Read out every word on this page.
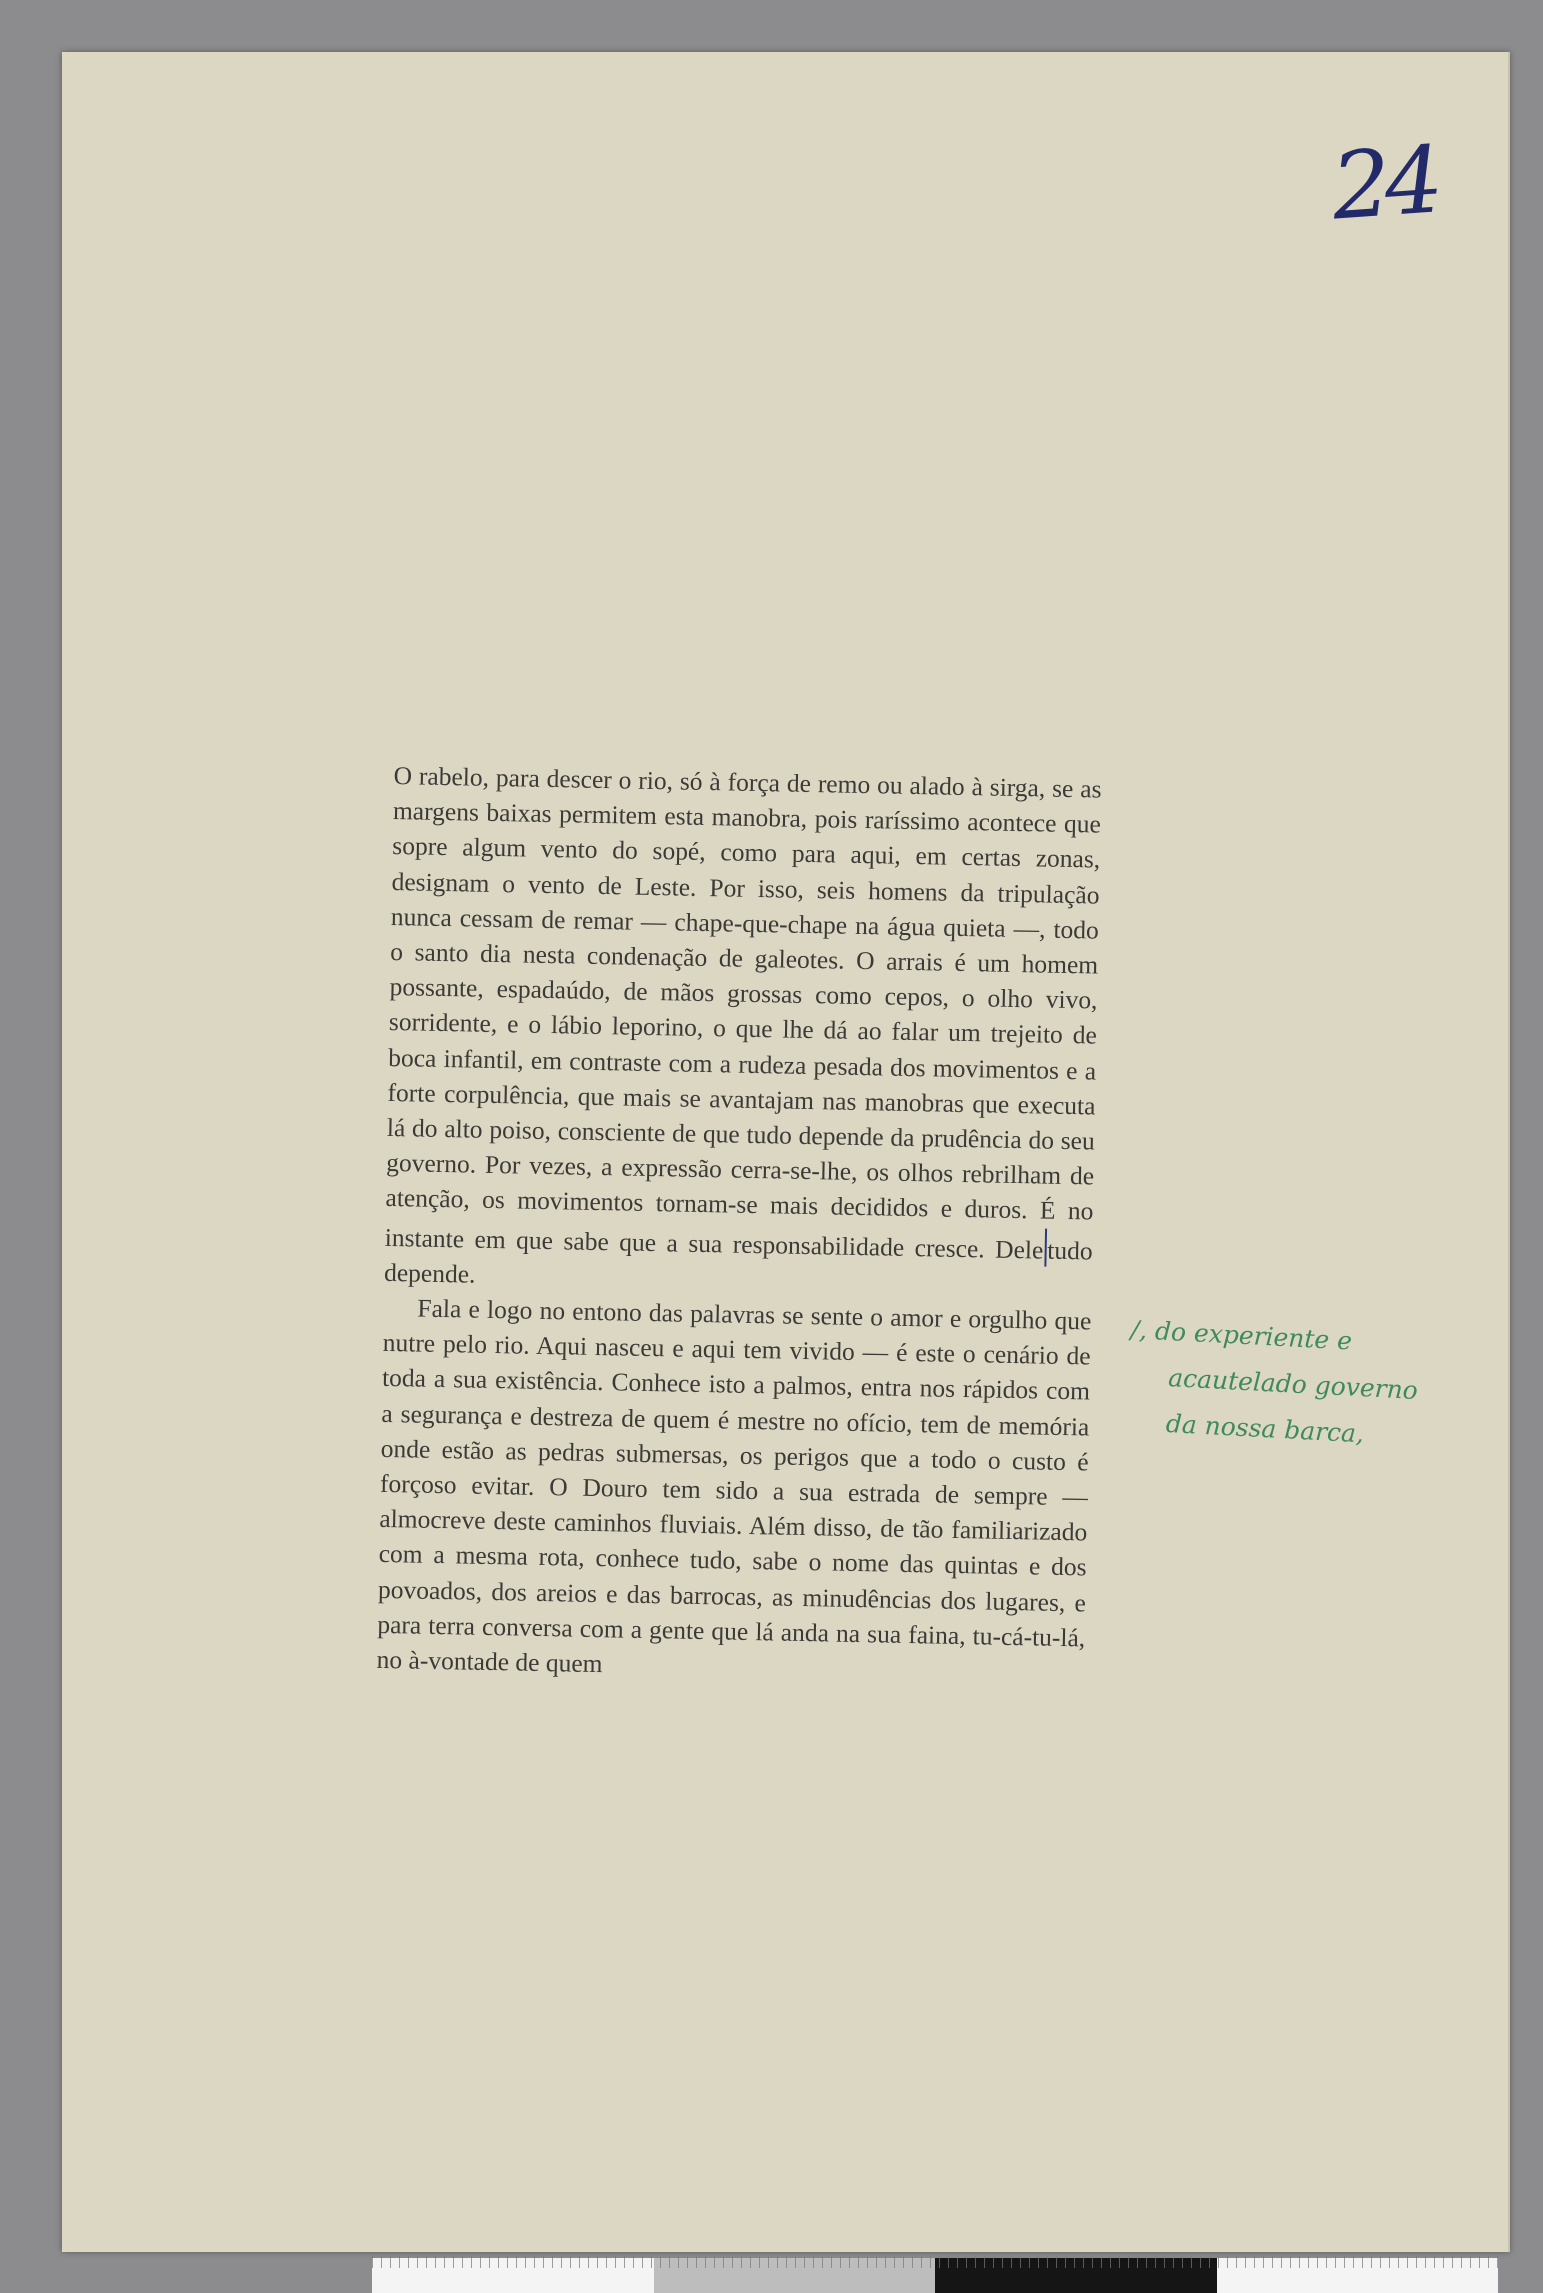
24

O rabelo, para descer o rio, só à força de remo ou alado à sirga, se as margens baixas permitem esta manobra, pois raríssimo acontece que sopre algum vento do sopé, como para aqui, em certas zonas, designam o vento de Leste. Por isso, seis homens da tripulação nunca cessam de remar — chape-que-chape na água quieta —, todo o santo dia nesta condenação de galeotes. O arrais é um homem possante, espadaúdo, de mãos grossas como cepos, o olho vivo, sorridente, e o lábio leporino, o que lhe dá ao falar um trejeito de boca infantil, em contraste com a rudeza pesada dos movimentos e a forte corpulência, que mais se avantajam nas manobras que executa lá do alto poiso, consciente de que tudo depende da prudência do seu governo. Por vezes, a expressão cerra-se-lhe, os olhos rebrilham de atenção, os movimentos tornam-se mais decididos e duros. É no instante em que sabe que a sua responsabilidade cresce. Dele tudo depende.

Fala e logo no entono das palavras se sente o amor e orgulho que nutre pelo rio. Aqui nasceu e aqui tem vivido — é este o cenário de toda a sua existência. Conhece isto a palmos, entra nos rápidos com a segurança e destreza de quem é mestre no ofício, tem de memória onde estão as pedras submersas, os perigos que a todo o custo é forçoso evitar. O Douro tem sido a sua estrada de sempre — almocreve deste caminhos fluviais. Além disso, de tão familiarizado com a mesma rota, conhece tudo, sabe o nome das quintas e dos povoados, dos areios e das barrocas, as minudências dos lugares, e para terra conversa com a gente que lá anda na sua faina, tu-cá-tu-lá, no à-vontade de quem

/, do experiente e
acautelado governo
da nossa barca,
